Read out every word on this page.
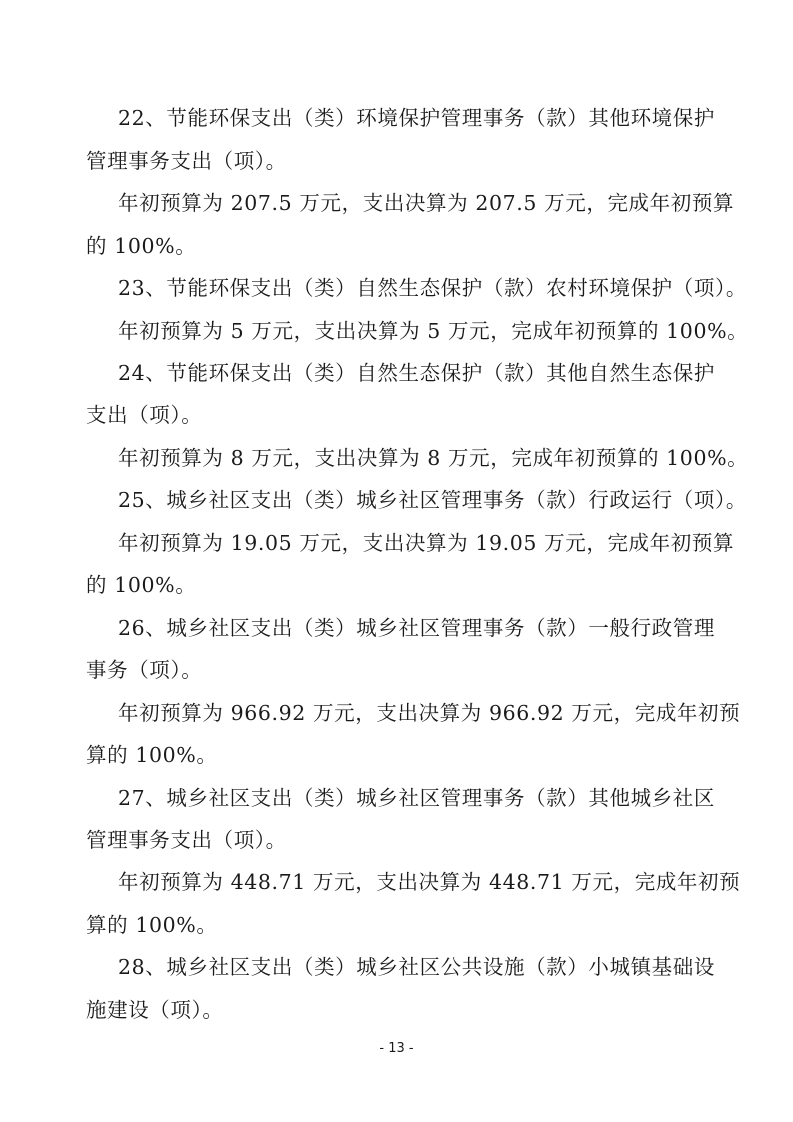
22、节能环保支出（类）环境保护管理事务（款）其他环境保护
管理事务支出（项）。
年初预算为 207.5 万元，支出决算为 207.5 万元，完成年初预算
的 100%。
23、节能环保支出（类）自然生态保护（款）农村环境保护（项）。
年初预算为 5 万元，支出决算为 5 万元，完成年初预算的 100%。
24、节能环保支出（类）自然生态保护（款）其他自然生态保护
支出（项）。
年初预算为 8 万元，支出决算为 8 万元，完成年初预算的 100%。
25、城乡社区支出（类）城乡社区管理事务（款）行政运行（项）。
年初预算为 19.05 万元，支出决算为 19.05 万元，完成年初预算
的 100%。
26、城乡社区支出（类）城乡社区管理事务（款）一般行政管理
事务（项）。
年初预算为 966.92 万元，支出决算为 966.92 万元，完成年初预
算的 100%。
27、城乡社区支出（类）城乡社区管理事务（款）其他城乡社区
管理事务支出（项）。
年初预算为 448.71 万元，支出决算为 448.71 万元，完成年初预
算的 100%。
28、城乡社区支出（类）城乡社区公共设施（款）小城镇基础设
施建设（项）。
- 13 -
